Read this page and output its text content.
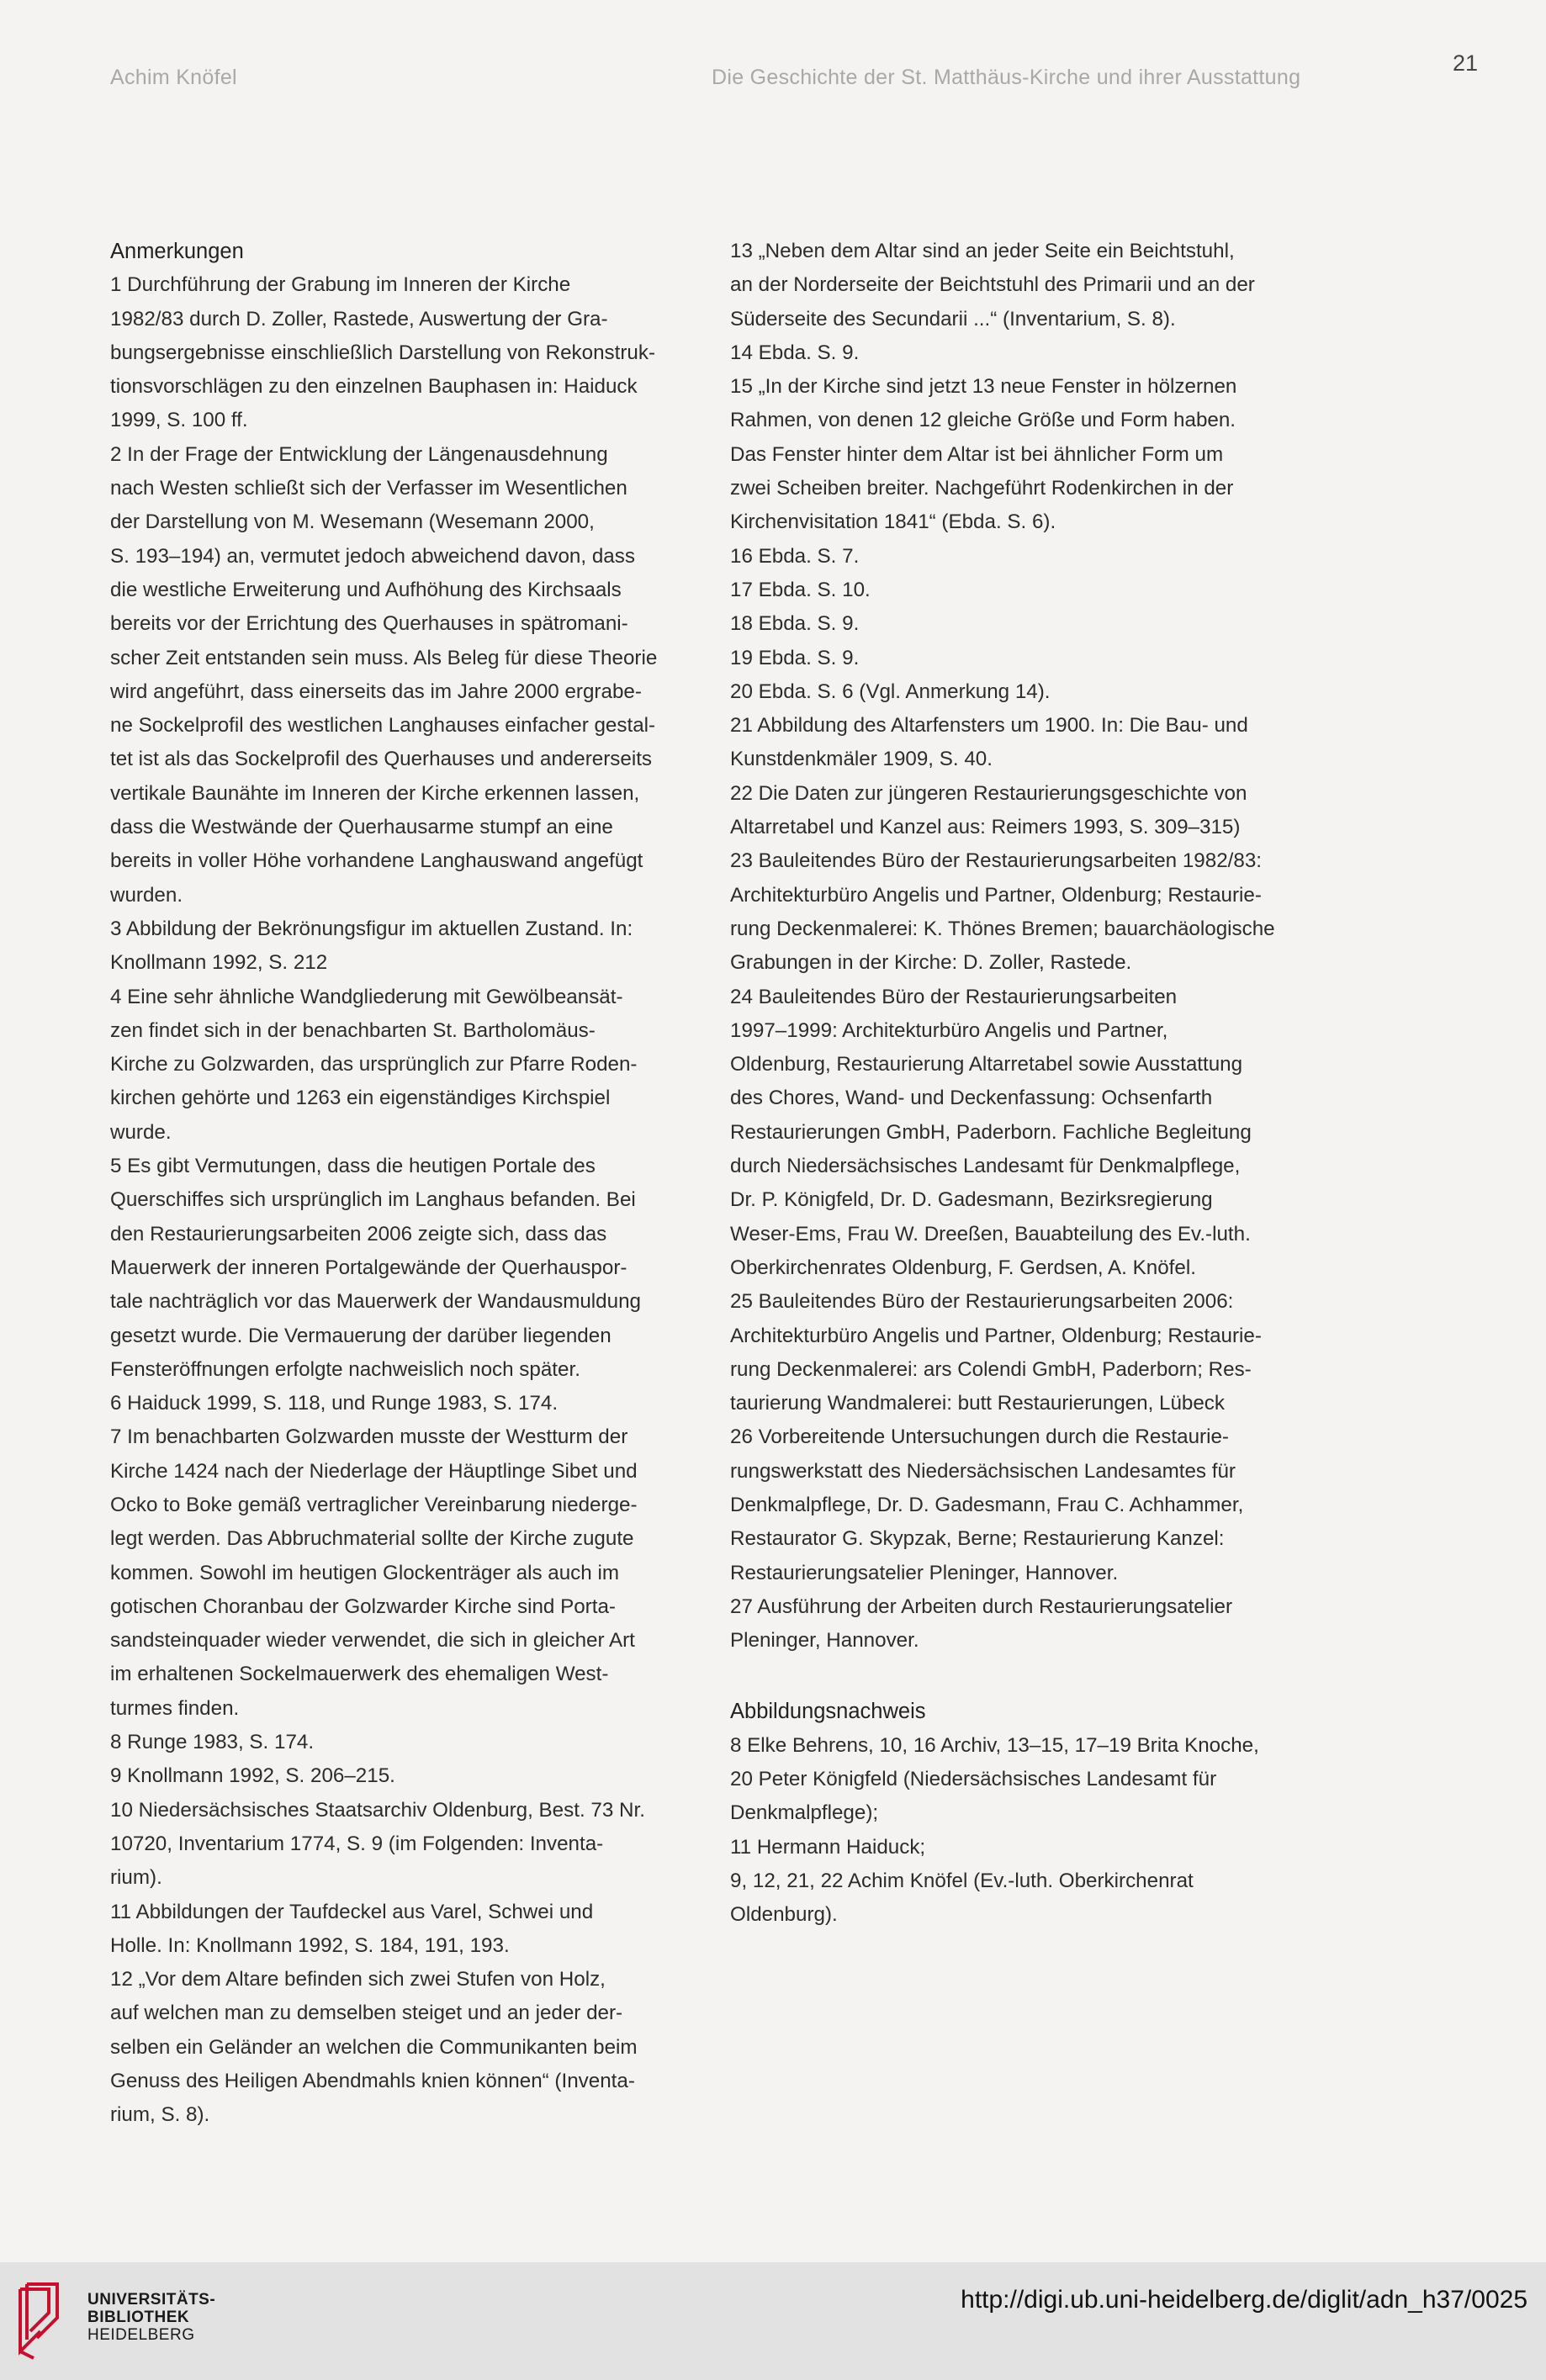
Achim Knöfel	Die Geschichte der St. Matthäus-Kirche und ihrer Ausstattung
21
Anmerkungen
1 Durchführung der Grabung im Inneren der Kirche
1982/83 durch D. Zoller, Rastede, Auswertung der Gra-
bungsergebnisse einschließlich Darstellung von Rekonstruk-
tionsvorschlägen zu den einzelnen Bauphasen in: Haiduck
1999, S. 100 ff.
2 In der Frage der Entwicklung der Längenausdehnung
nach Westen schließt sich der Verfasser im Wesentlichen
der Darstellung von M. Wesemann (Wesemann 2000,
S. 193–194) an, vermutet jedoch abweichend davon, dass
die westliche Erweiterung und Aufhöhung des Kirchsaals
bereits vor der Errichtung des Querhauses in spätromani-
scher Zeit entstanden sein muss. Als Beleg für diese Theorie
wird angeführt, dass einerseits das im Jahre 2000 ergrabe-
ne Sockelprofil des westlichen Langhauses einfacher gestal-
tet ist als das Sockelprofil des Querhauses und andererseits
vertikale Baunähte im Inneren der Kirche erkennen lassen,
dass die Westwände der Querhausarme stumpf an eine
bereits in voller Höhe vorhandene Langhauswand angefügt
wurden.
3 Abbildung der Bekrönungsfigur im aktuellen Zustand. In:
Knollmann 1992, S. 212
4 Eine sehr ähnliche Wandgliederung mit Gewölbeansät-
zen findet sich in der benachbarten St. Bartholomäus-
Kirche zu Golzwarden, das ursprünglich zur Pfarre Roden-
kirchen gehörte und 1263 ein eigenständiges Kirchspiel
wurde.
5 Es gibt Vermutungen, dass die heutigen Portale des
Querschiffes sich ursprünglich im Langhaus befanden. Bei
den Restaurierungsarbeiten 2006 zeigte sich, dass das
Mauerwerk der inneren Portalgewände der Querhauspor-
tale nachträglich vor das Mauerwerk der Wandausmuldung
gesetzt wurde. Die Vermauerung der darüber liegenden
Fensteröffnungen erfolgte nachweislich noch später.
6 Haiduck 1999, S. 118, und Runge 1983, S. 174.
7 Im benachbarten Golzwarden musste der Westturm der
Kirche 1424 nach der Niederlage der Häuptlinge Sibet und
Ocko to Boke gemäß vertraglicher Vereinbarung niederge-
legt werden. Das Abbruchmaterial sollte der Kirche zugute
kommen. Sowohl im heutigen Glockenträger als auch im
gotischen Choranbau der Golzwarder Kirche sind Porta-
sandsteinquader wieder verwendet, die sich in gleicher Art
im erhaltenen Sockelmauerwerk des ehemaligen West-
turmes finden.
8 Runge 1983, S. 174.
9 Knollmann 1992, S. 206–215.
10 Niedersächsisches Staatsarchiv Oldenburg, Best. 73 Nr.
10720, Inventarium 1774, S. 9 (im Folgenden: Inventa-
rium).
11 Abbildungen der Taufdeckel aus Varel, Schwei und
Holle. In: Knollmann 1992, S. 184, 191, 193.
12 „Vor dem Altare befinden sich zwei Stufen von Holz,
auf welchen man zu demselben steiget und an jeder der-
selben ein Geländer an welchen die Communikanten beim
Genuss des Heiligen Abendmahls knien können“ (Inventa-
rium, S. 8).
13 „Neben dem Altar sind an jeder Seite ein Beichtstuhl,
an der Norderseite der Beichtstuhl des Primarii und an der
Süderseite des Secundarii ...“ (Inventarium, S. 8).
14 Ebda. S. 9.
15 „In der Kirche sind jetzt 13 neue Fenster in hölzernen
Rahmen, von denen 12 gleiche Größe und Form haben.
Das Fenster hinter dem Altar ist bei ähnlicher Form um
zwei Scheiben breiter. Nachgeführt Rodenkirchen in der
Kirchenvisitation 1841“ (Ebda. S. 6).
16 Ebda. S. 7.
17 Ebda. S. 10.
18 Ebda. S. 9.
19 Ebda. S. 9.
20 Ebda. S. 6 (Vgl. Anmerkung 14).
21 Abbildung des Altarfensters um 1900. In: Die Bau- und
Kunstdenkmäler 1909, S. 40.
22 Die Daten zur jüngeren Restaurierungsgeschichte von
Altarretabel und Kanzel aus: Reimers 1993, S. 309–315)
23 Bauleitendes Büro der Restaurierungsarbeiten 1982/83:
Architekturbüro Angelis und Partner, Oldenburg; Restaurie-
rung Deckenmalerei: K. Thönes Bremen; bauarchäologische
Grabungen in der Kirche: D. Zoller, Rastede.
24 Bauleitendes Büro der Restaurierungsarbeiten
1997–1999: Architekturbüro Angelis und Partner,
Oldenburg, Restaurierung Altarretabel sowie Ausstattung
des Chores, Wand- und Deckenfassung: Ochsenfarth
Restaurierungen GmbH, Paderborn. Fachliche Begleitung
durch Niedersächsisches Landesamt für Denkmalpflege,
Dr. P. Königfeld, Dr. D. Gadesmann, Bezirksregierung
Weser-Ems, Frau W. Dreeßen, Bauabteilung des Ev.-luth.
Oberkirchenrates Oldenburg, F. Gerdsen, A. Knöfel.
25 Bauleitendes Büro der Restaurierungsarbeiten 2006:
Architekturbüro Angelis und Partner, Oldenburg; Restaurie-
rung Deckenmalerei: ars Colendi GmbH, Paderborn; Res-
taurierung Wandmalerei: butt Restaurierungen, Lübeck
26 Vorbereitende Untersuchungen durch die Restaurie-
rungswerkstatt des Niedersächsischen Landesamtes für
Denkmalpflege, Dr. D. Gadesmann, Frau C. Achhammer,
Restaurator G. Skypzak, Berne; Restaurierung Kanzel:
Restaurierungsatelier Pleninger, Hannover.
27 Ausführung der Arbeiten durch Restaurierungsatelier
Pleninger, Hannover.
Abbildungsnachweis
8 Elke Behrens, 10, 16 Archiv, 13–15, 17–19 Brita Knoche,
20 Peter Königfeld (Niedersächsisches Landesamt für
Denkmalpflege);
11 Hermann Haiduck;
9, 12, 21, 22 Achim Knöfel (Ev.-luth. Oberkirchenrat
Oldenburg).
UNIVERSITÄTS-
BIBLIOTHEK
HEIDELBERG
http://digi.ub.uni-heidelberg.de/diglit/adn_h37/0025
